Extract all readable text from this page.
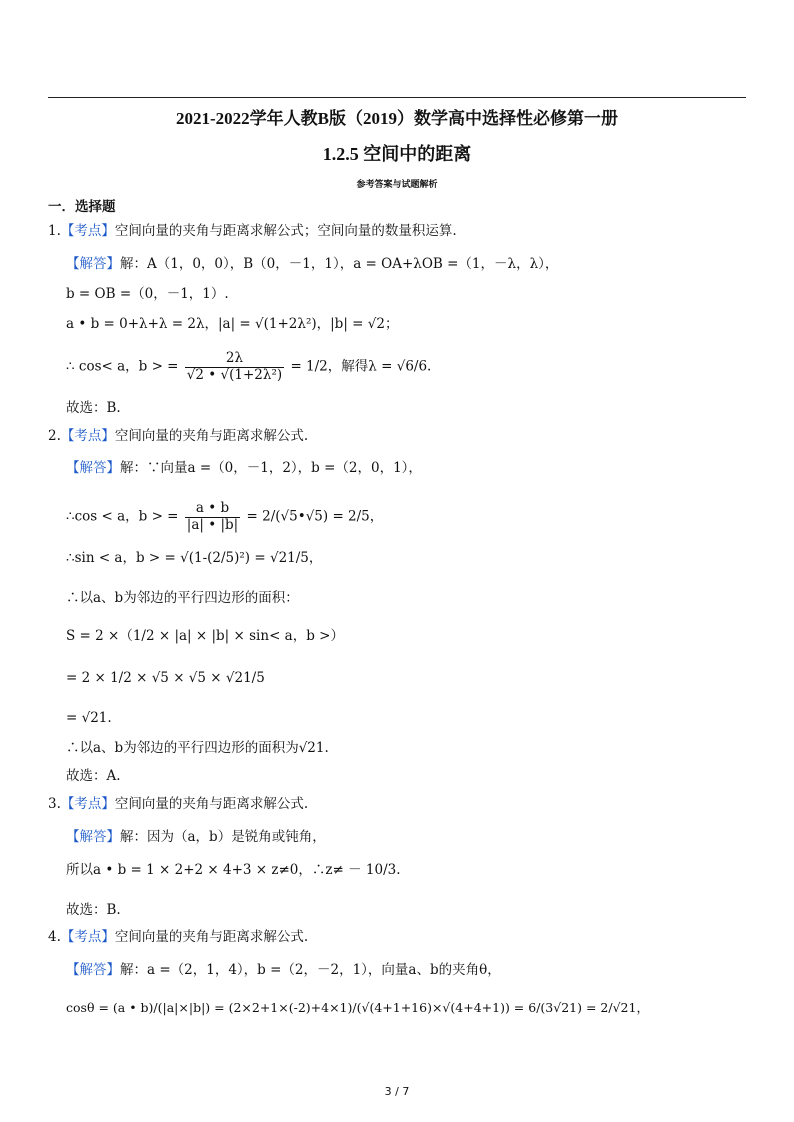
2021-2022学年人教B版（2019）数学高中选择性必修第一册
1.2.5 空间中的距离
参考答案与试题解析
一．选择题
1.【考点】空间向量的夹角与距离求解公式；空间向量的数量积运算.
【解答】解：A（1，0，0），B（0，－1，1），a = OA+λOB =（1，－λ，λ），
b = OB =（0，－1，1）.
a • b = 0+λ+λ = 2λ，|a| = √(1+2λ²)，|b| = √2；
∴ cos< a，b > = $\frac{2\lambda}{\text{√2 • √(1+2λ²)}} = 1/2$，解得λ = √6/6.
故选：B.
2.【考点】空间向量的夹角与距离求解公式.
【解答】解：∵向量a =（0，－1，2），b =（2，0，1），
∴cos < a，b > = $\frac{a • b}{|a| • |b|}$ = 2/(√5•√5) = 2/5，
∴sin < a，b > = √(1-(2/5)²) = √21/5，
∴以a、b为邻边的平行四边形的面积：
S = 2 ×（1/2 × |a| × |b| × sin< a，b >）
= 2 × 1/2 × √5 × √5 × √21/5
= √21.
∴以a、b为邻边的平行四边形的面积为√21.
故选：A.
3.【考点】空间向量的夹角与距离求解公式.
【解答】解：因为（a，b）是锐角或钝角，
所以a • b = 1 × 2+2 × 4+3 × z≠0，∴z≠ － 10/3.
故选：B.
4.【考点】空间向量的夹角与距离求解公式.
【解答】解：a =（2，1，4），b =（2，－2，1），向量a、b的夹角θ，
cosθ = (a • b)/(|a|×|b|) = (2×2+1×(-2)+4×1)/(√(4+1+16)×√(4+4+1)) = 6/(3√21) = 2/√21，
3 / 7
